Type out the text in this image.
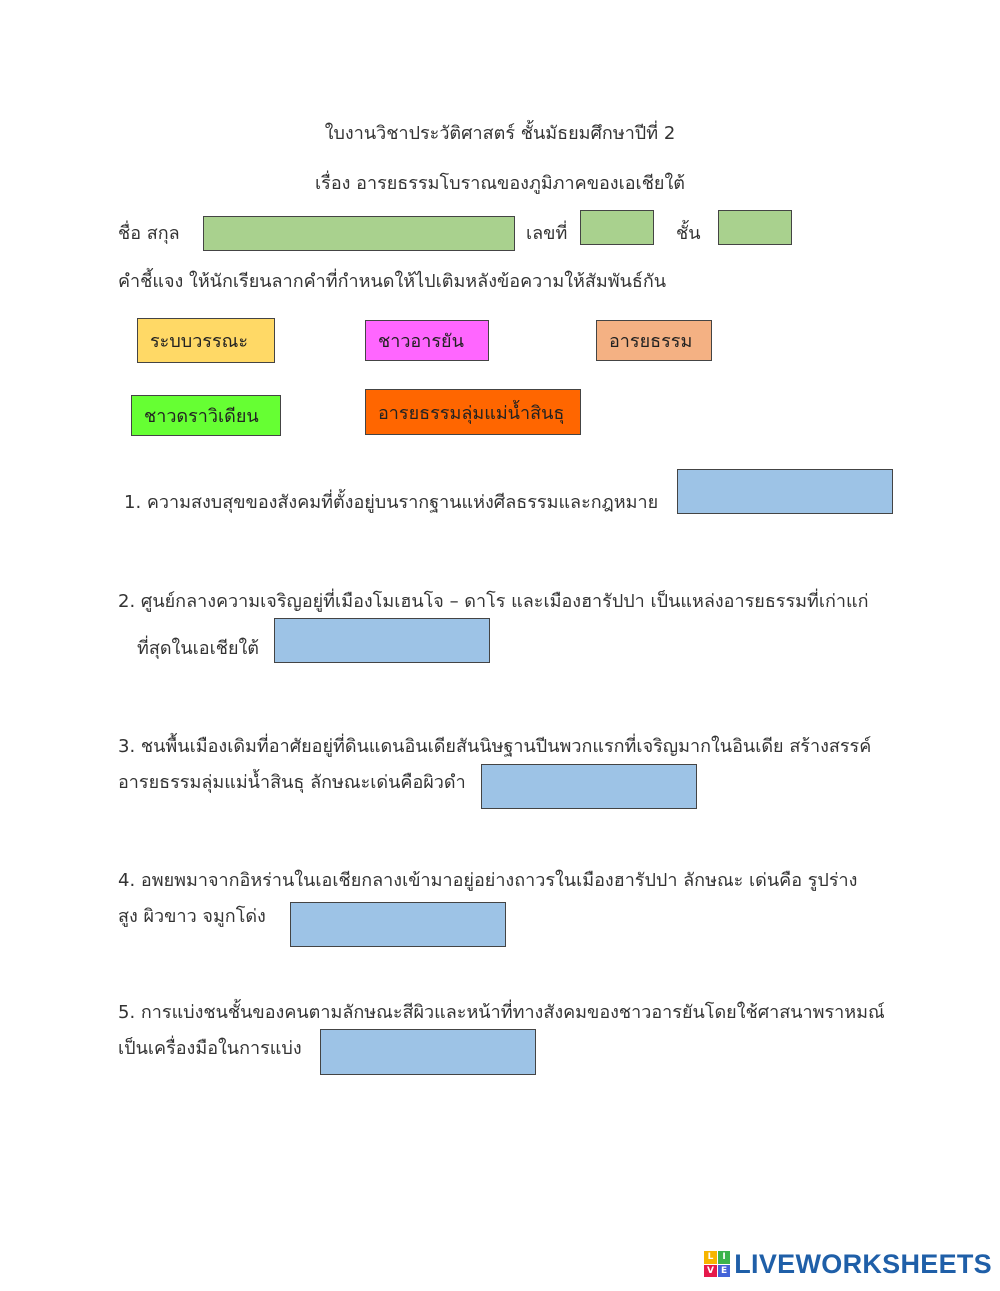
ใบงานวิชาประวัติศาสตร์ ชั้นมัธยมศึกษาปีที่ 2
เรื่อง อารยธรรมโบราณของภูมิภาคของเอเชียใต้
ชื่อ สกุล	เลขที่	ชั้น
คำชี้แจง ให้นักเรียนลากคำที่กำหนดให้ไปเติมหลังข้อความให้สัมพันธ์กัน
ระบบวรรณะ	ชาวอารยัน	อารยธรรม
ชาวดราวิเดียน	อารยธรรมลุ่มแม่น้ำสินธุ
1. ความสงบสุขของสังคมที่ตั้งอยู่บนรากฐานแห่งศีลธรรมและกฎหมาย
2. ศูนย์กลางความเจริญอยู่ที่เมืองโมเฮนโจ – ดาโร และเมืองฮารัปปา เป็นแหล่งอารยธรรมที่เก่าแก่
ที่สุดในเอเชียใต้
3. ชนพื้นเมืองเดิมที่อาศัยอยู่ที่ดินแดนอินเดียสันนิษฐานปีนพวกแรกที่เจริญมากในอินเดีย สร้างสรรค์
อารยธรรมลุ่มแม่น้ำสินธุ ลักษณะเด่นคือผิวดำ
4. อพยพมาจากอิหร่านในเอเชียกลางเข้ามาอยู่อย่างถาวรในเมืองฮารัปปา ลักษณะ เด่นคือ รูปร่าง
สูง ผิวขาว จมูกโด่ง
5. การแบ่งชนชั้นของคนตามลักษณะสีผิวและหน้าที่ทางสังคมของชาวอารยันโดยใช้ศาสนาพราหมณ์
เป็นเครื่องมือในการแบ่ง
L I
V E LIVEWORKSHEETS
